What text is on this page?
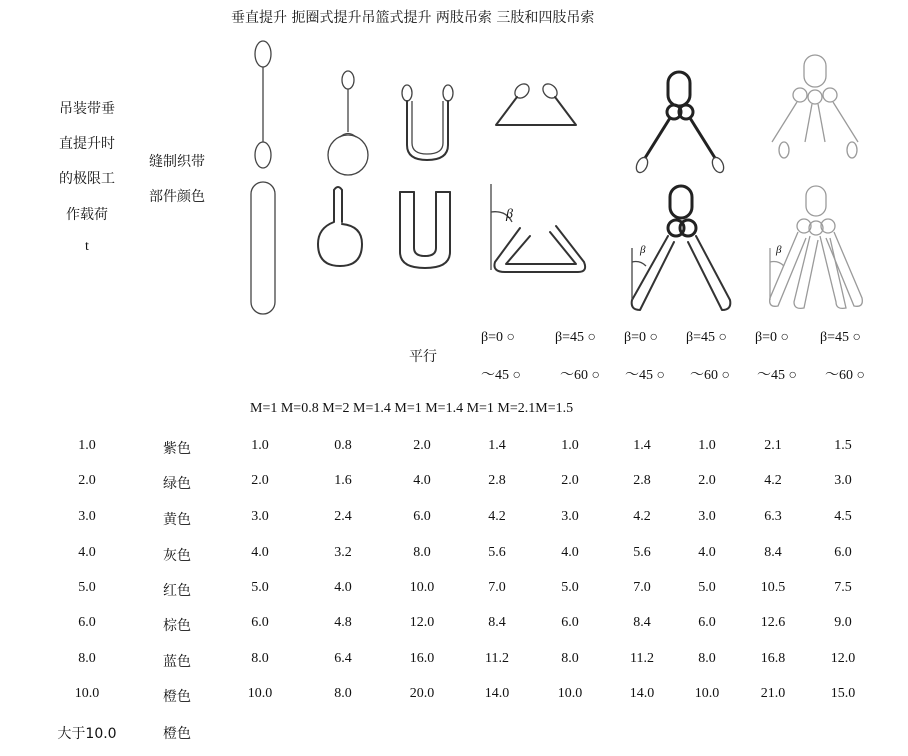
垂直提升 扼圈式提升吊篮式提升 两肢吊索 三肢和四肢吊索
吊装带垂
直提升时
的极限工
作载荷
t
缝制织带
部件颜色
β
β	β
平行
β=0 ○	β=45 ○ β=0 ○ β=45 ○ β=0 ○ β=45 ○
～45 ○	～60 ○ ～45 ○ ～60 ○ ～45 ○ ～60 ○
M=1 M=0.8 M=2 M=1.4 M=1 M=1.4 M=1 M=2.1M=1.5
1.0	紫色	1.0	0.8	2.0	1.4	1.0	1.4	1.0	2.1	1.5
2.0	绿色	2.0	1.6	4.0	2.8	2.0	2.8	2.0	4.2	3.0
3.0	黄色	3.0	2.4	6.0	4.2	3.0	4.2	3.0	6.3	4.5
4.0	灰色	4.0	3.2	8.0	5.6	4.0	5.6	4.0	8.4	6.0
5.0	红色	5.0	4.0	10.0	7.0	5.0	7.0	5.0	10.5	7.5
6.0	棕色	6.0	4.8	12.0	8.4	6.0	8.4	6.0	12.6	9.0
8.0	蓝色	8.0	6.4	16.0	11.2	8.0	11.2	8.0	16.8	12.0
10.0	橙色	10.0	8.0	20.0	14.0	10.0	14.0	10.0	21.0	15.0
大于10.0	橙色
